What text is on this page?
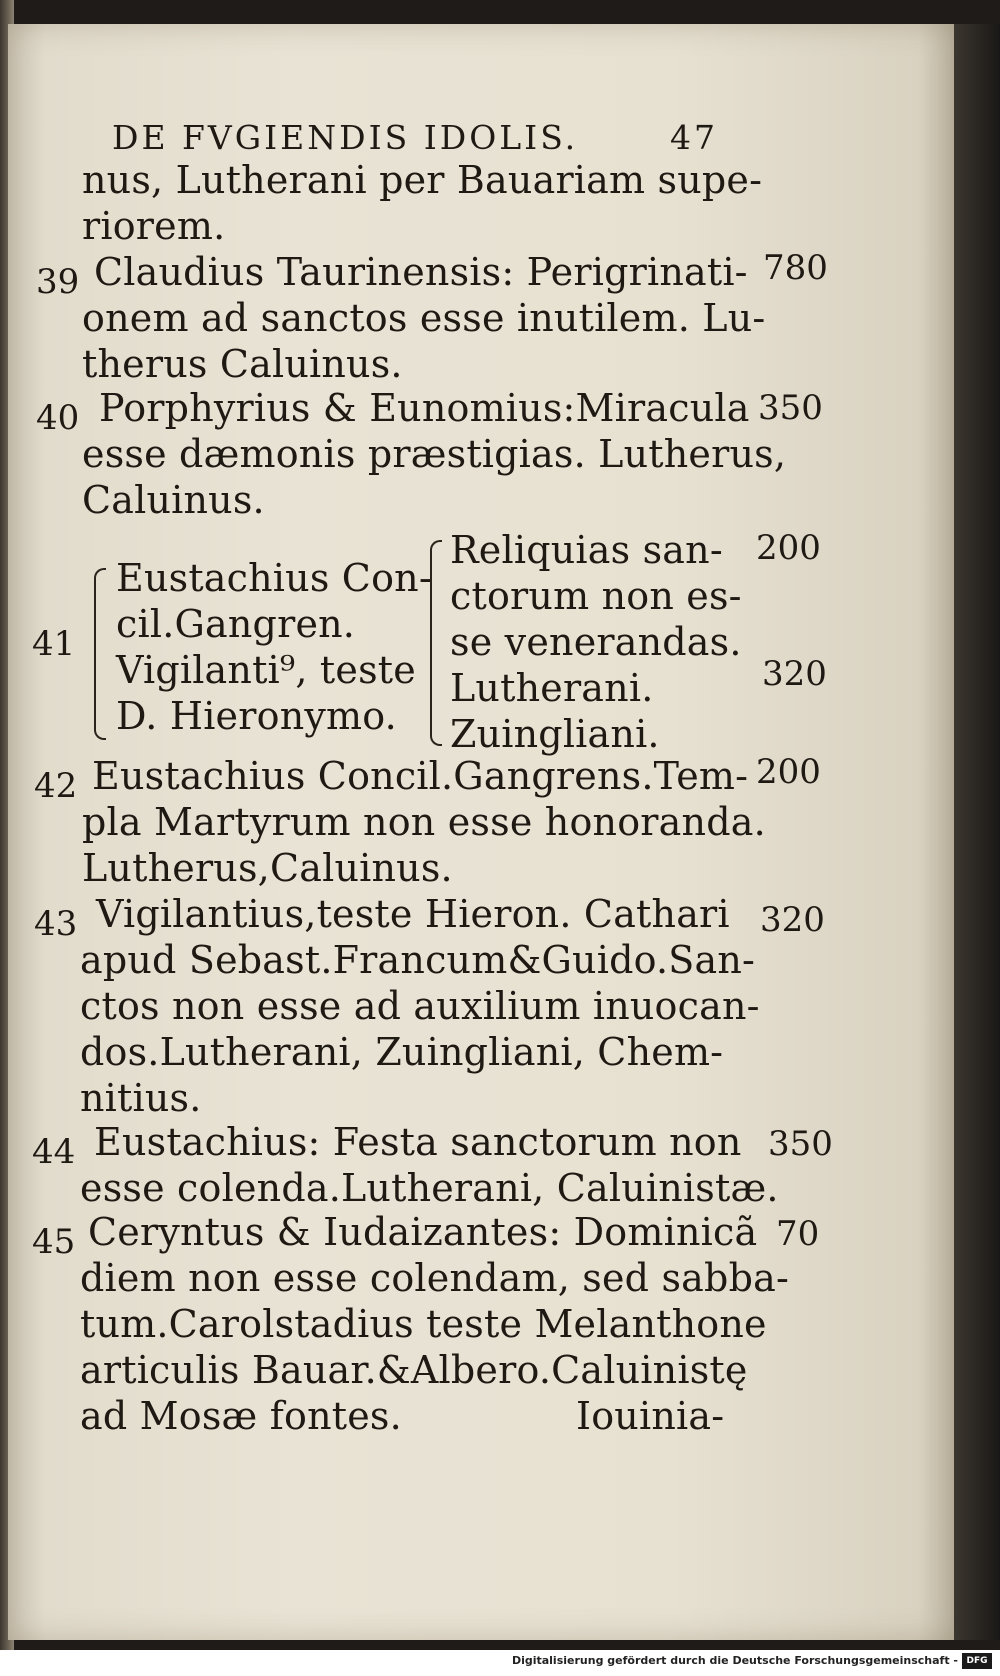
DE FVGIENDIS IDOLIS.	47
nus, Lutherani per Bauariam supe-
riorem.
39 Claudius Taurinensis: Perigrinati-
onem ad sanctos esse inutilem. Lu-
therus Caluinus.
780
40 Porphyrius & Eunomius:Miracula
esse dæmonis præstigias. Lutherus,
Caluinus.
350
41
Eustachius Con-
cil.Gangren.
Vigilanti⁹, teste
D. Hieronymo.
Reliquias san-
ctorum non es-
se venerandas.
Lutherani.
Zuingliani.
200
320
42 Eustachius Concil.Gangrens.Tem-
pla Martyrum non esse honoranda.
Lutherus,Caluinus.
200
43 Vigilantius,teste Hieron. Cathari
apud Sebast.Francum&Guido.San-
ctos non esse ad auxilium inuocan-
dos.Lutherani, Zuingliani, Chem-
nitius.
320
44 Eustachius: Festa sanctorum non
esse colenda.Lutherani, Caluinistæ.
350
45 Ceryntus & Iudaizantes: Dominicã
diem non esse colendam, sed sabba-
tum.Carolstadius teste Melanthone
articulis Bauar.&Albero.Caluinistę
ad Mosæ fontes.
70
Iouinia-
Digitalisierung gefördert durch die Deutsche Forschungsgemeinschaft - DFG
